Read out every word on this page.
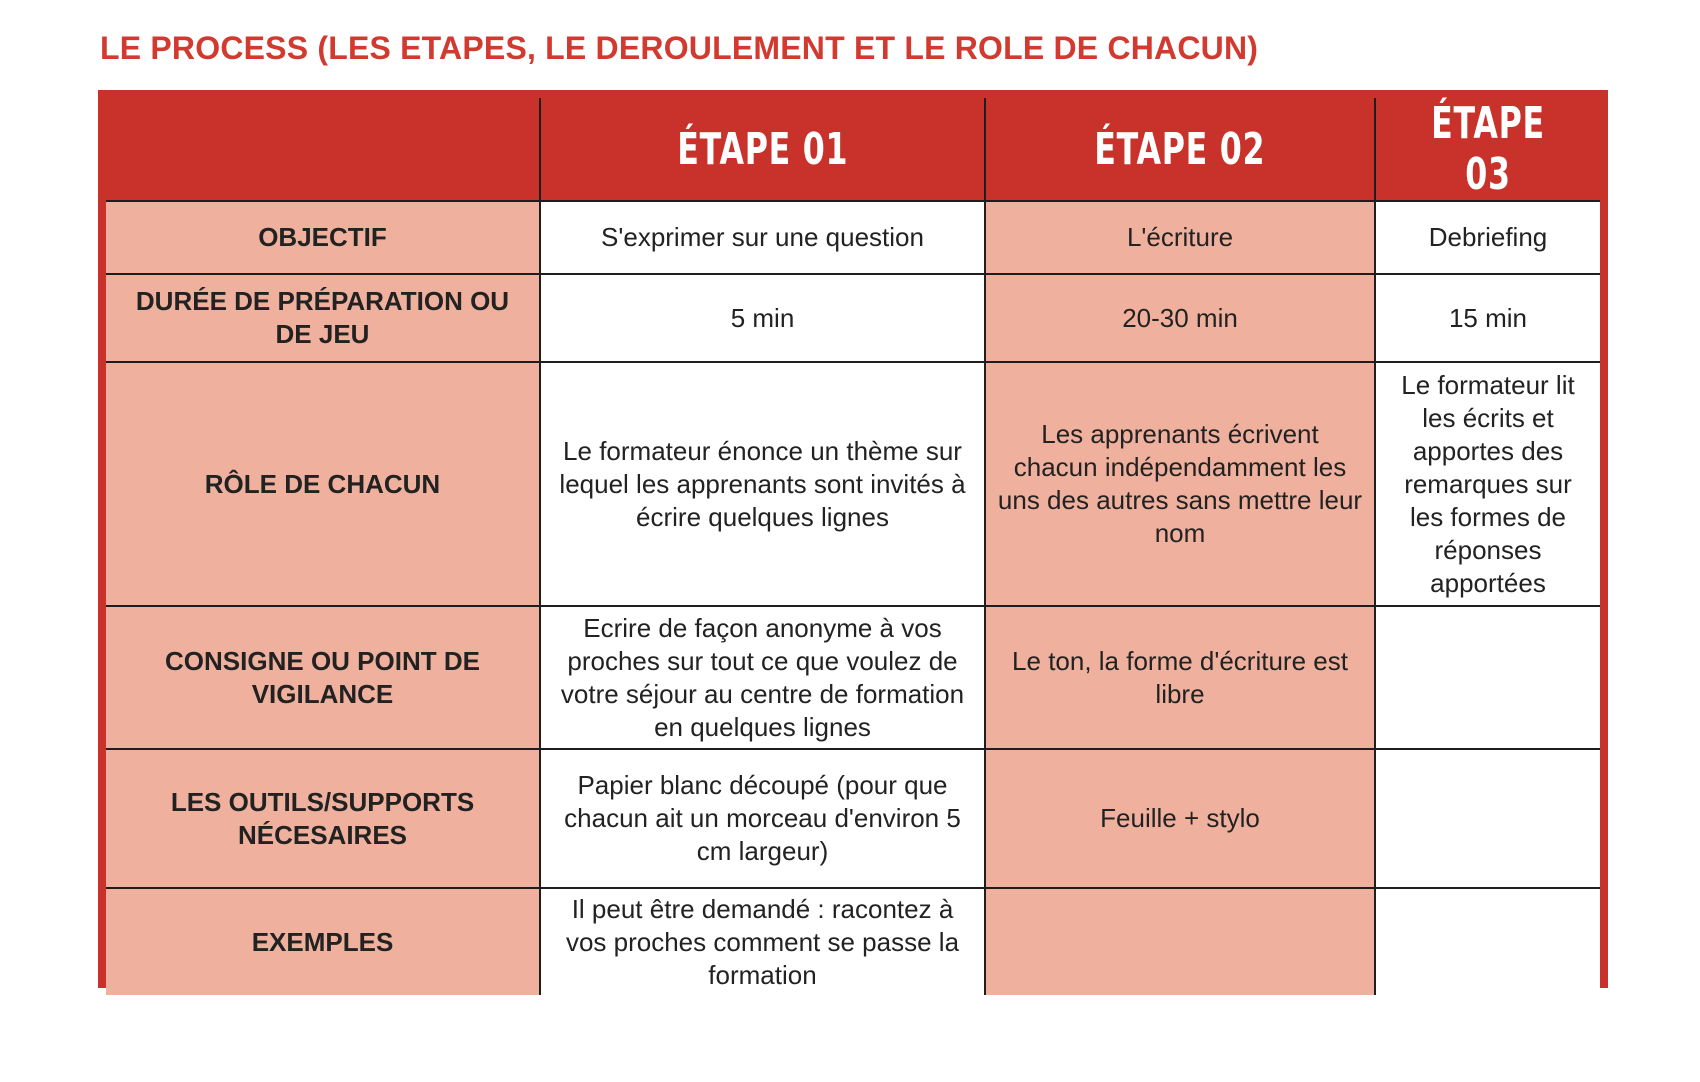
LE PROCESS (LES ETAPES, LE DEROULEMENT ET LE ROLE DE CHACUN)
	ÉTAPE 01	ÉTAPE 02	ÉTAPE 03
OBJECTIF	S'exprimer sur une question	L'écriture	Debriefing
DURÉE DE PRÉPARATION OU DE JEU	5 min	20-30 min	15 min
RÔLE DE CHACUN	Le formateur énonce un thème sur lequel les apprenants sont invités à écrire quelques lignes	Les apprenants écrivent chacun indépendamment les uns des autres sans mettre leur nom	Le formateur lit les écrits et apportes des remarques sur les formes de réponses apportées
CONSIGNE OU POINT DE VIGILANCE	Ecrire de façon anonyme à vos proches sur tout ce que voulez de votre séjour au centre de formation en quelques lignes	Le ton, la forme d'écriture est libre	
LES OUTILS/SUPPORTS NÉCESAIRES	Papier blanc découpé (pour que chacun ait un morceau d'environ 5 cm largeur)	Feuille + stylo	
EXEMPLES	Il peut être demandé : racontez à vos proches comment se passe la formation		
